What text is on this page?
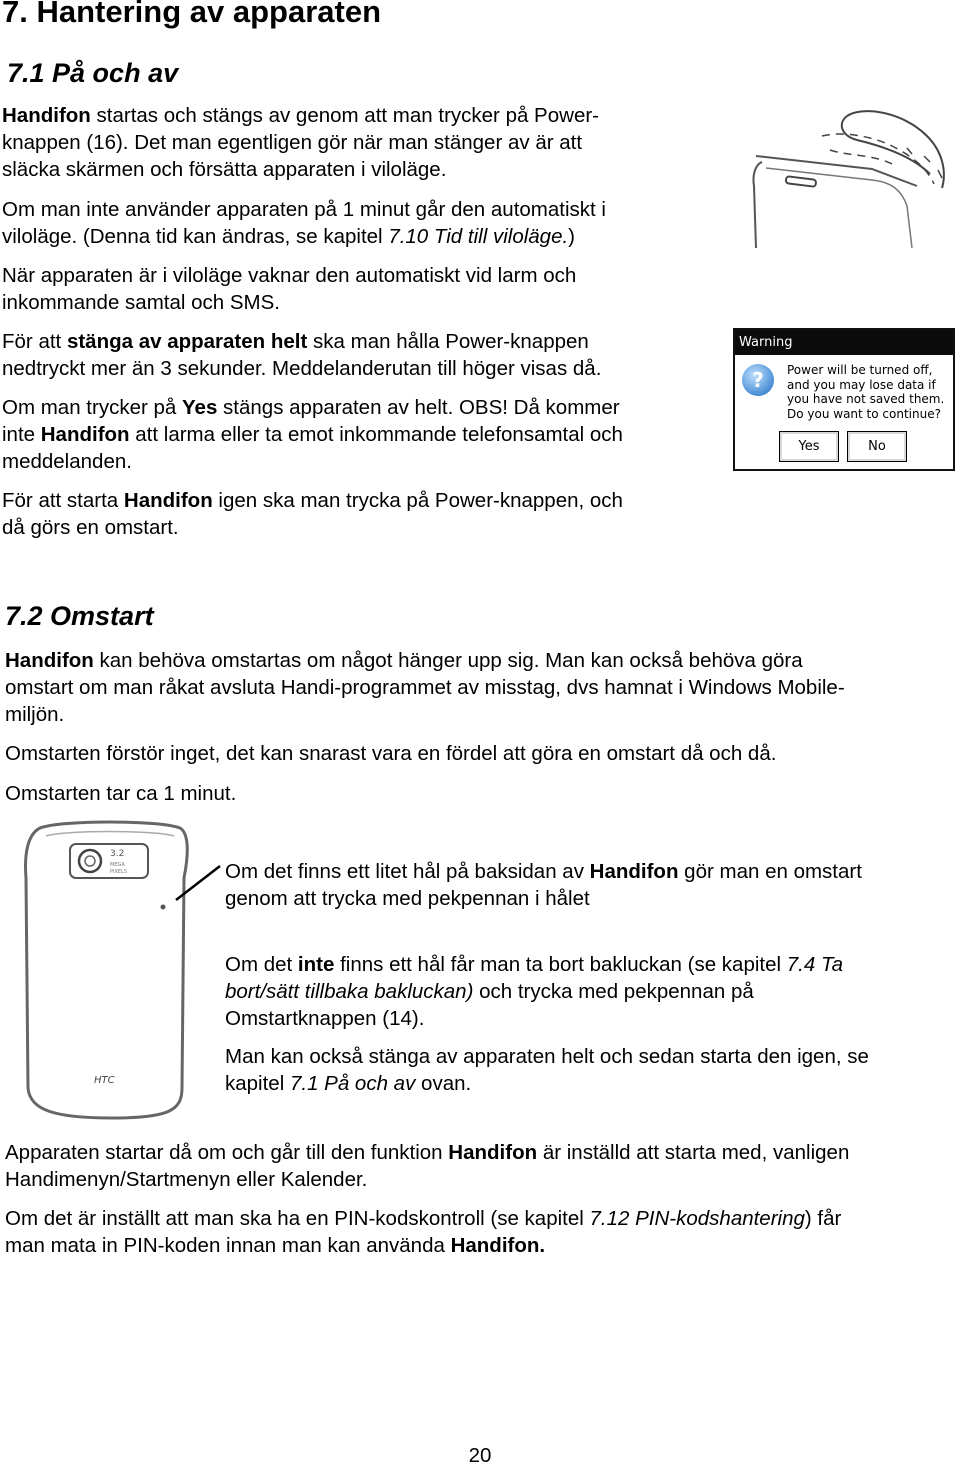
7. Hantering av apparaten
7.1 På och av

Handifon startas och stängs av genom att man trycker på Power-
knappen (16). Det man egentligen gör när man stänger av är att
släcka skärmen och försätta apparaten i viloläge.

Om man inte använder apparaten på 1 minut går den automatiskt i
viloläge. (Denna tid kan ändras, se kapitel 7.10 Tid till viloläge.)

När apparaten är i viloläge vaknar den automatiskt vid larm och
inkommande samtal och SMS.

För att stänga av apparaten helt ska man hålla Power-knappen
nedtryckt mer än 3 sekunder. Meddelanderutan till höger visas då.

Om man trycker på Yes stängs apparaten av helt. OBS! Då kommer
inte Handifon att larma eller ta emot inkommande telefonsamtal och
meddelanden.

För att starta Handifon igen ska man trycka på Power-knappen, och
då görs en omstart.

Warning
?	Power will be turned off,
and you may lose data if
you have not saved them.
Do you want to continue?
Yes	No
7.2 Omstart

Handifon kan behöva omstartas om något hänger upp sig. Man kan också behöva göra
omstart om man råkat avsluta Handi-programmet av misstag, dvs hamnat i Windows Mobile-
miljön.

Omstarten förstör inget, det kan snarast vara en fördel att göra en omstart då och då.

Omstarten tar ca 1 minut.

3.2
MEGA
PIXELS
HTC

Om det finns ett litet hål på baksidan av Handifon gör man en omstart
genom att trycka med pekpennan i hålet

Om det inte finns ett hål får man ta bort bakluckan (se kapitel 7.4 Ta
bort/sätt tillbaka bakluckan) och trycka med pekpennan på
Omstartknappen (14).

Man kan också stänga av apparaten helt och sedan starta den igen, se
kapitel 7.1 På och av ovan.

Apparaten startar då om och går till den funktion Handifon är inställd att starta med, vanligen
Handimenyn/Startmenyn eller Kalender.

Om det är inställt att man ska ha en PIN-kodskontroll (se kapitel 7.12 PIN-kodshantering) får
man mata in PIN-koden innan man kan använda Handifon.

20
